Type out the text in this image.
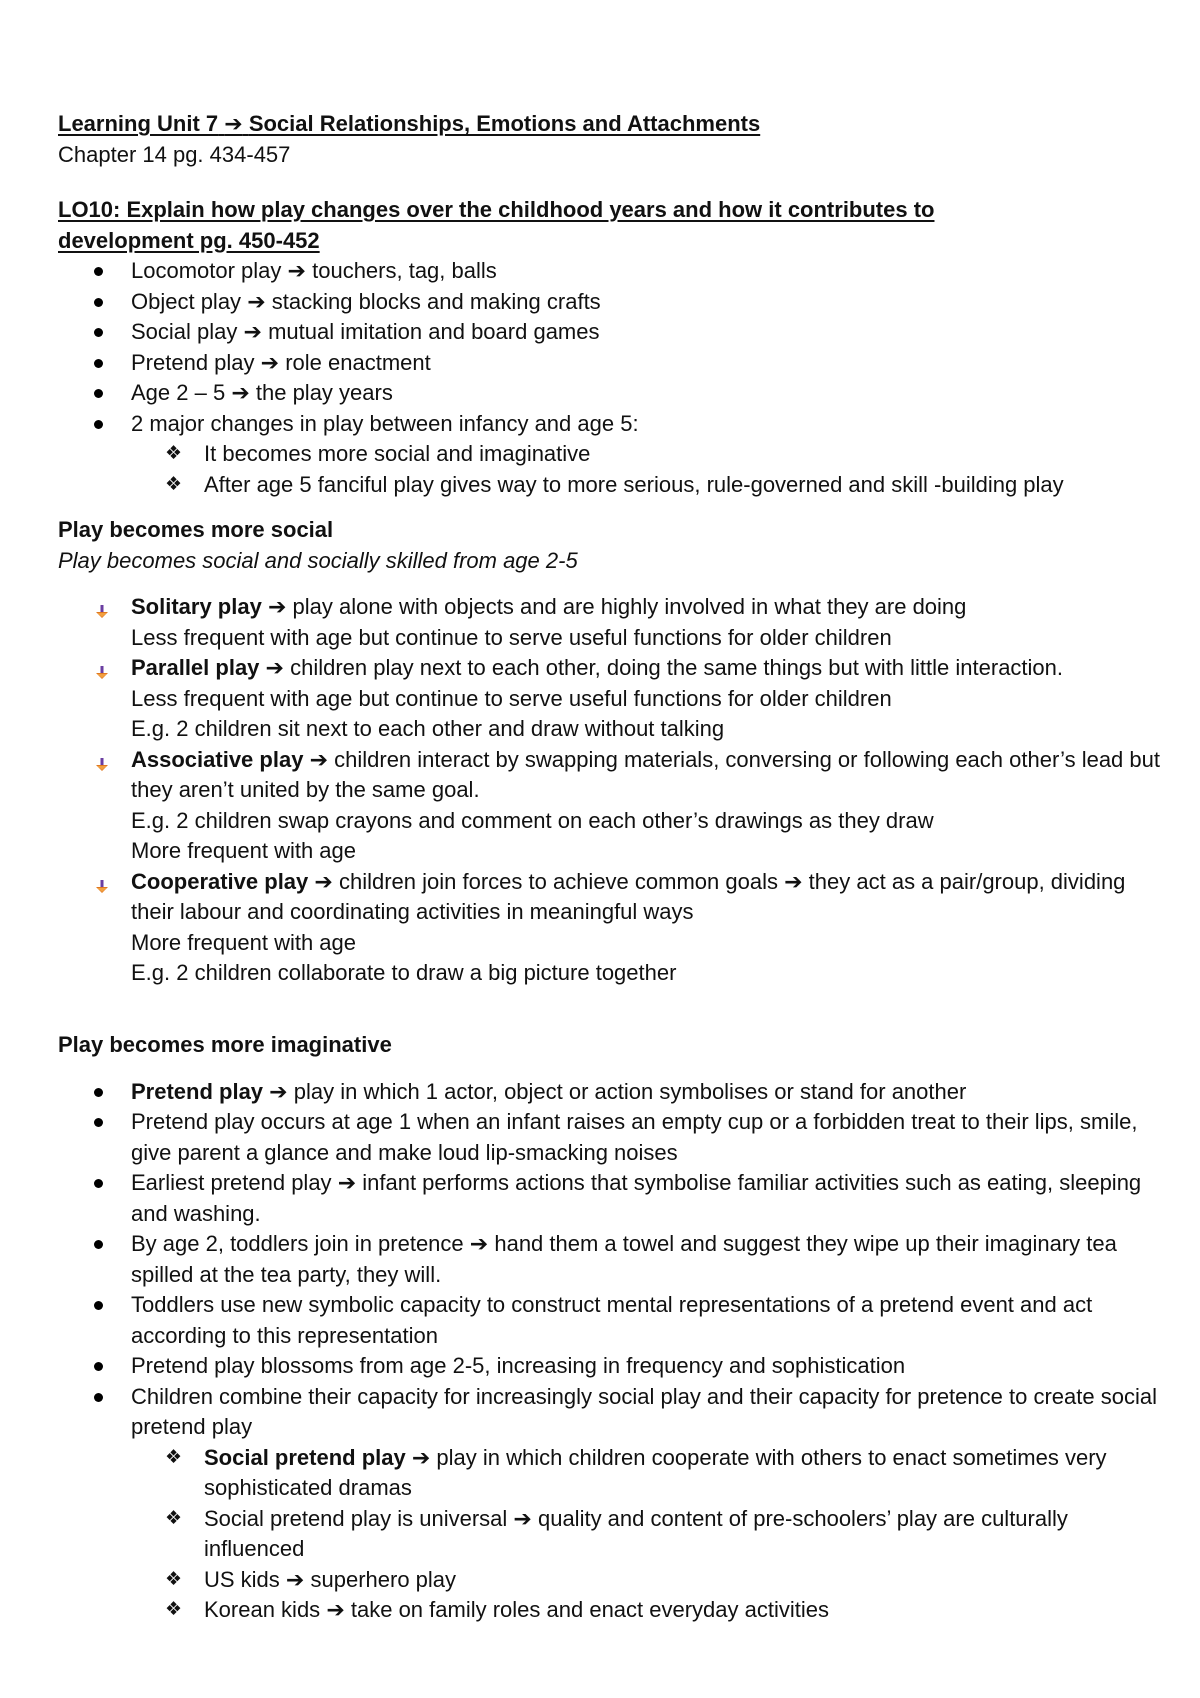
Learning Unit 7 ➔ Social Relationships, Emotions and Attachments
Chapter 14 pg. 434-457
LO10: Explain how play changes over the childhood years and how it contributes to
development pg. 450-452
Locomotor play ➔ touchers, tag, balls
Object play ➔ stacking blocks and making crafts
Social play ➔ mutual imitation and board games
Pretend play ➔ role enactment
Age 2 – 5 ➔ the play years
2 major changes in play between infancy and age 5:
❖ It becomes more social and imaginative
❖ After age 5 fanciful play gives way to more serious, rule-governed and skill -building play
Play becomes more social
Play becomes social and socially skilled from age 2-5
Solitary play ➔ play alone with objects and are highly involved in what they are doing
Less frequent with age but continue to serve useful functions for older children
Parallel play ➔ children play next to each other, doing the same things but with little interaction.
Less frequent with age but continue to serve useful functions for older children
E.g. 2 children sit next to each other and draw without talking
Associative play ➔ children interact by swapping materials, conversing or following each other’s lead but they aren’t united by the same goal.
E.g. 2 children swap crayons and comment on each other’s drawings as they draw
More frequent with age
Cooperative play ➔ children join forces to achieve common goals ➔ they act as a pair/group, dividing their labour and coordinating activities in meaningful ways
More frequent with age
E.g. 2 children collaborate to draw a big picture together
Play becomes more imaginative
Pretend play ➔ play in which 1 actor, object or action symbolises or stand for another
Pretend play occurs at age 1 when an infant raises an empty cup or a forbidden treat to their lips, smile, give parent a glance and make loud lip-smacking noises
Earliest pretend play ➔ infant performs actions that symbolise familiar activities such as eating, sleeping and washing.
By age 2, toddlers join in pretence ➔ hand them a towel and suggest they wipe up their imaginary tea spilled at the tea party, they will.
Toddlers use new symbolic capacity to construct mental representations of a pretend event and act according to this representation
Pretend play blossoms from age 2-5, increasing in frequency and sophistication
Children combine their capacity for increasingly social play and their capacity for pretence to create social pretend play
❖ Social pretend play ➔ play in which children cooperate with others to enact sometimes very sophisticated dramas
❖ Social pretend play is universal ➔ quality and content of pre-schoolers’ play are culturally influenced
❖ US kids ➔ superhero play
❖ Korean kids ➔ take on family roles and enact everyday activities
